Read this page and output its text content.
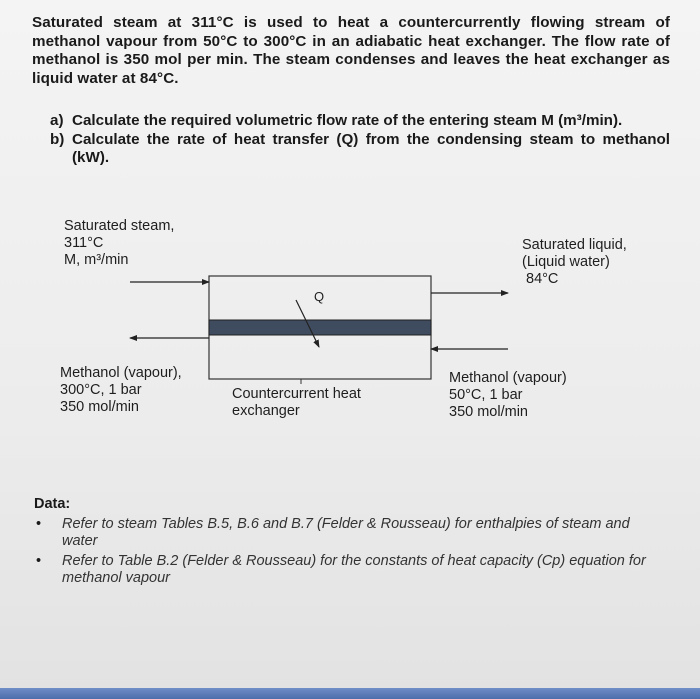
Saturated steam at 311°C is used to heat a countercurrently flowing stream of methanol vapour from 50°C to 300°C in an adiabatic heat exchanger. The flow rate of methanol is 350 mol per min. The steam condenses and leaves the heat exchanger as liquid water at 84°C.
a) Calculate the required volumetric flow rate of the entering steam M (m³/min).
b) Calculate the rate of heat transfer (Q) from the condensing steam to methanol (kW).
Saturated steam,
311°C
M, m³/min
Saturated liquid,
(Liquid water)
84°C
Q
Methanol (vapour),
300°C, 1 bar
350 mol/min
Countercurrent heat
exchanger
Methanol (vapour)
50°C, 1 bar
350 mol/min
Data:
•	Refer to steam Tables B.5, B.6 and B.7 (Felder & Rousseau) for enthalpies of steam and water
•	Refer to Table B.2 (Felder & Rousseau) for the constants of heat capacity (Cp) equation for methanol vapour
